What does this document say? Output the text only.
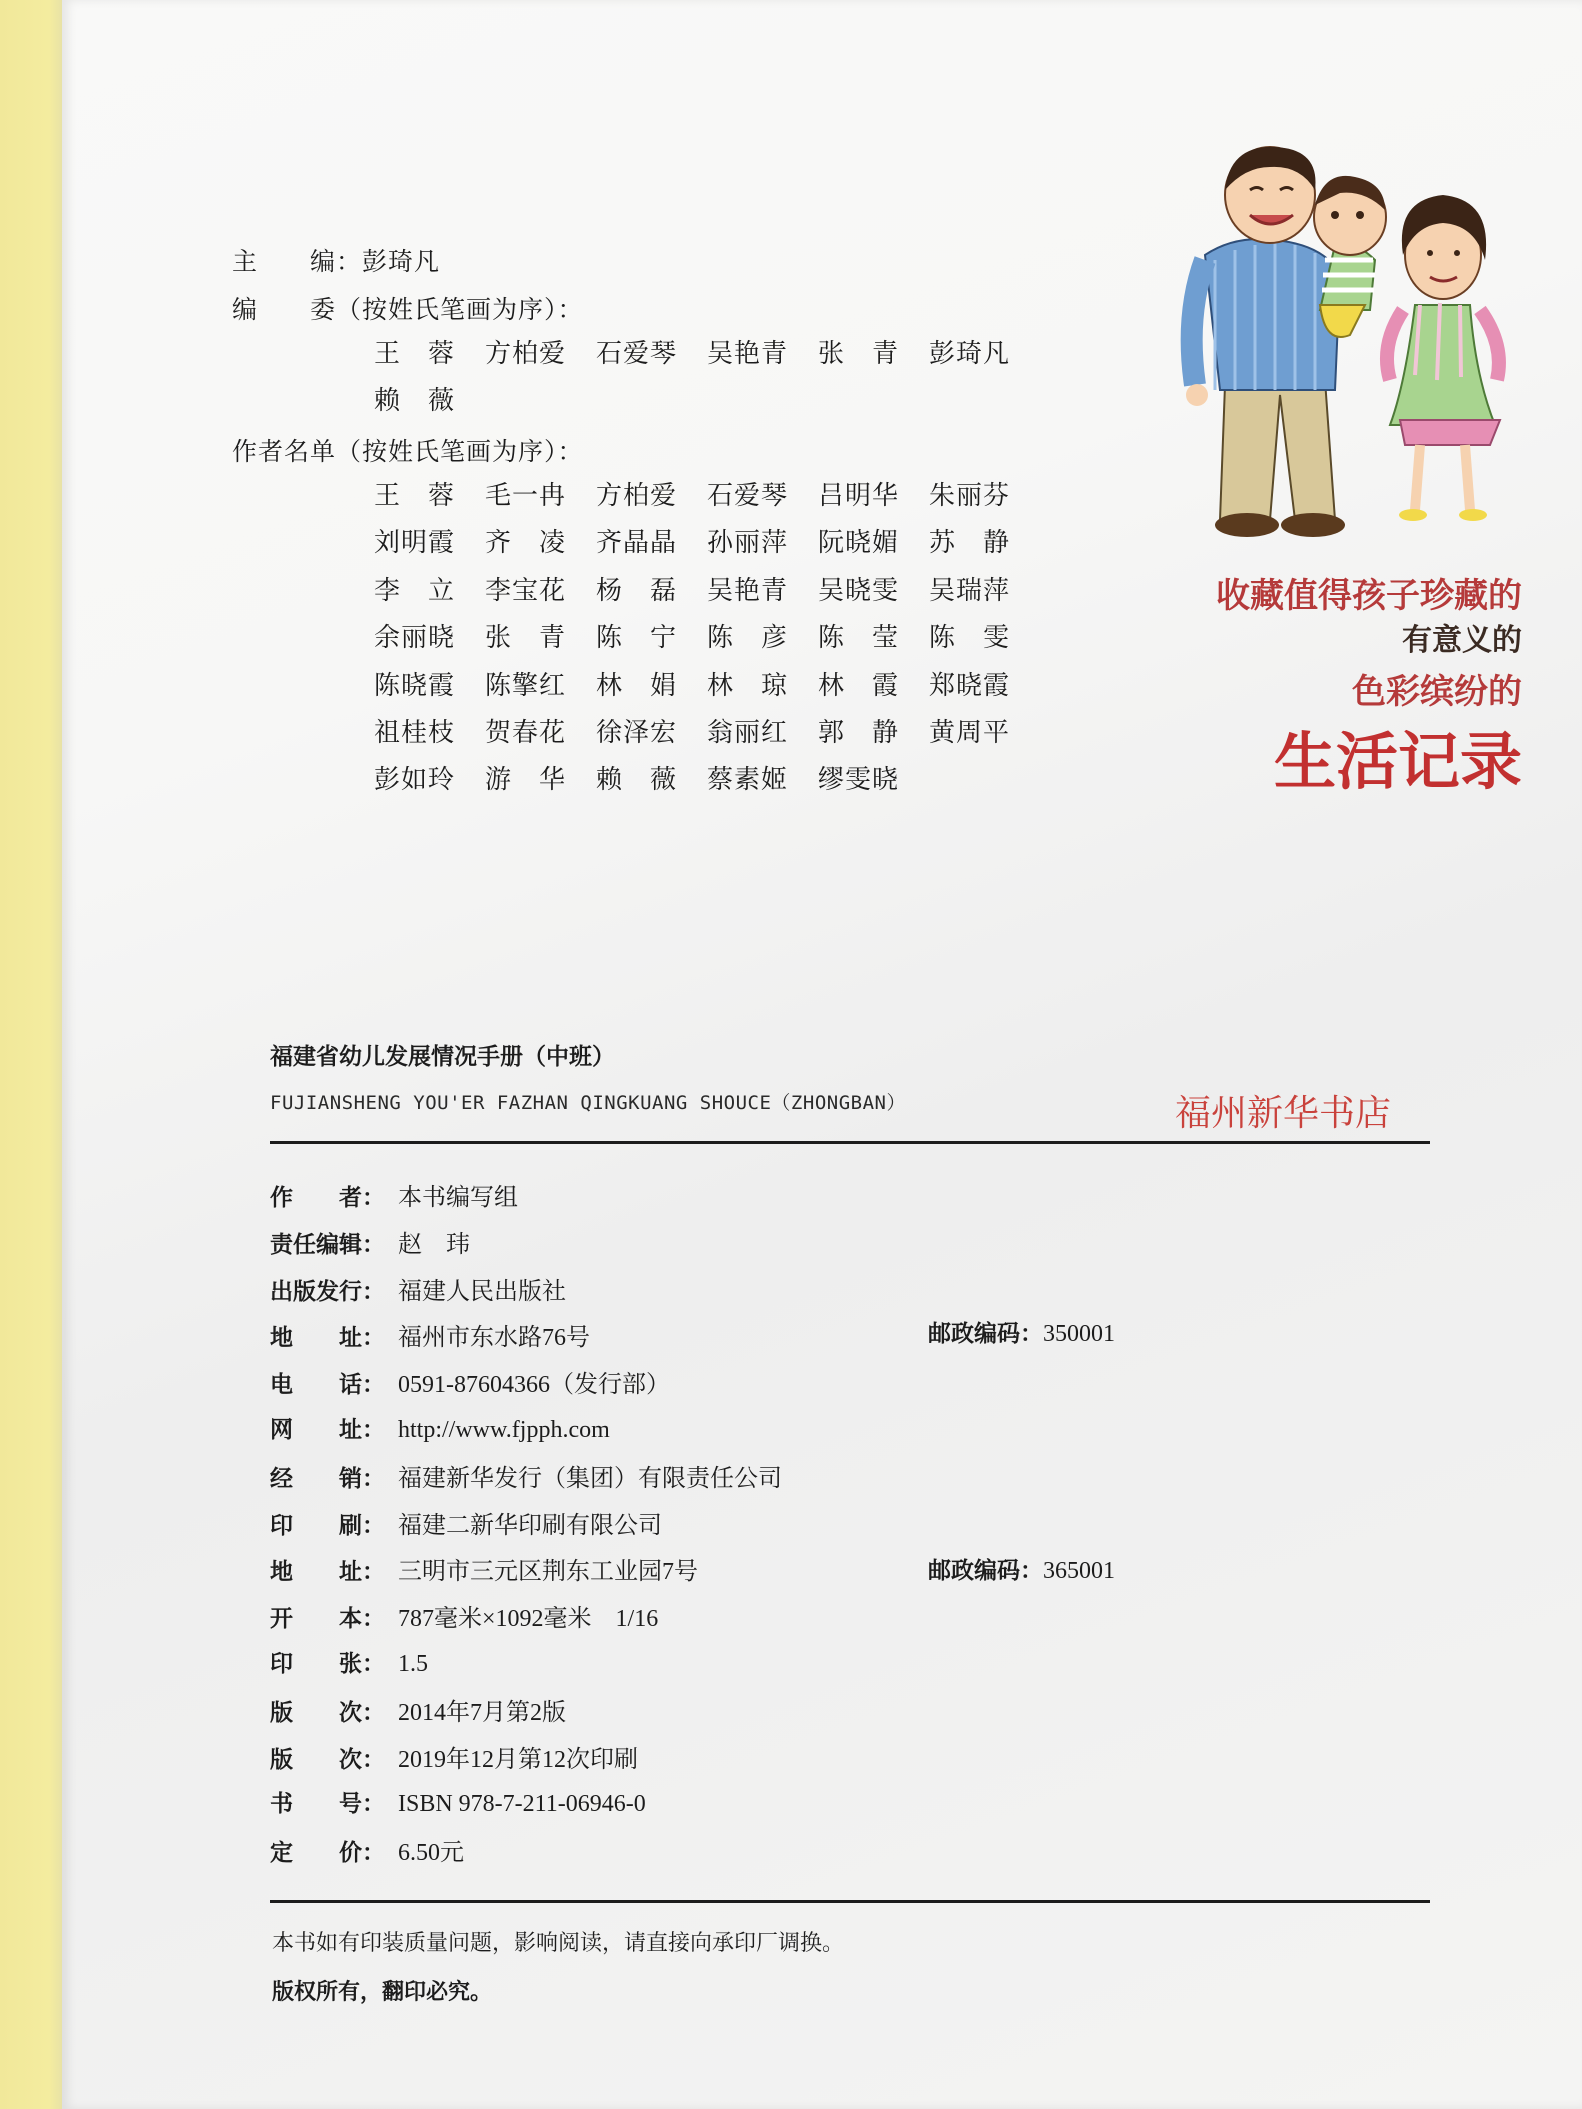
主　　编：彭琦凡
编　　委（按姓氏笔画为序）：
王　蓉 方柏爱 石爱琴 吴艳青 张　青 彭琦凡
赖　薇
作者名单（按姓氏笔画为序）：
王　蓉 毛一冉 方柏爱 石爱琴 吕明华 朱丽芬
刘明霞 齐　凌 齐晶晶 孙丽萍 阮晓媚 苏　静
李　立 李宝花 杨　磊 吴艳青 吴晓雯 吴瑞萍
余丽晓 张　青 陈　宁 陈　彦 陈　莹 陈　雯
陈晓霞 陈擎红 林　娟 林　琼 林　霞 郑晓霞
祖桂枝 贺春花 徐泽宏 翁丽红 郭　静 黄周平
彭如玲 游　华 赖　薇 蔡素姬 缪雯晓
收藏值得孩子珍藏的
有意义的
色彩缤纷的
生活记录
福建省幼儿发展情况手册（中班）
FUJIANSHENG YOU'ER FAZHAN QINGKUANG SHOUCE（ZHONGBAN）	福州新华书店
作　　者： 本书编写组
责任编辑： 赵　玮
出版发行： 福建人民出版社
地　　址： 福州市东水路76号
电　　话： 0591-87604366（发行部）
网　　址： http://www.fjpph.com
经　　销： 福建新华发行（集团）有限责任公司
印　　刷： 福建二新华印刷有限公司
地　　址： 三明市三元区荆东工业园7号
开　　本： 787毫米×1092毫米　1/16
印　　张： 1.5
版　　次： 2014年7月第2版
版　　次： 2019年12月第12次印刷
书　　号： ISBN 978-7-211-06946-0
定　　价： 6.50元
邮政编码：350001
邮政编码：365001
本书如有印装质量问题，影响阅读，请直接向承印厂调换。
版权所有，翻印必究。
